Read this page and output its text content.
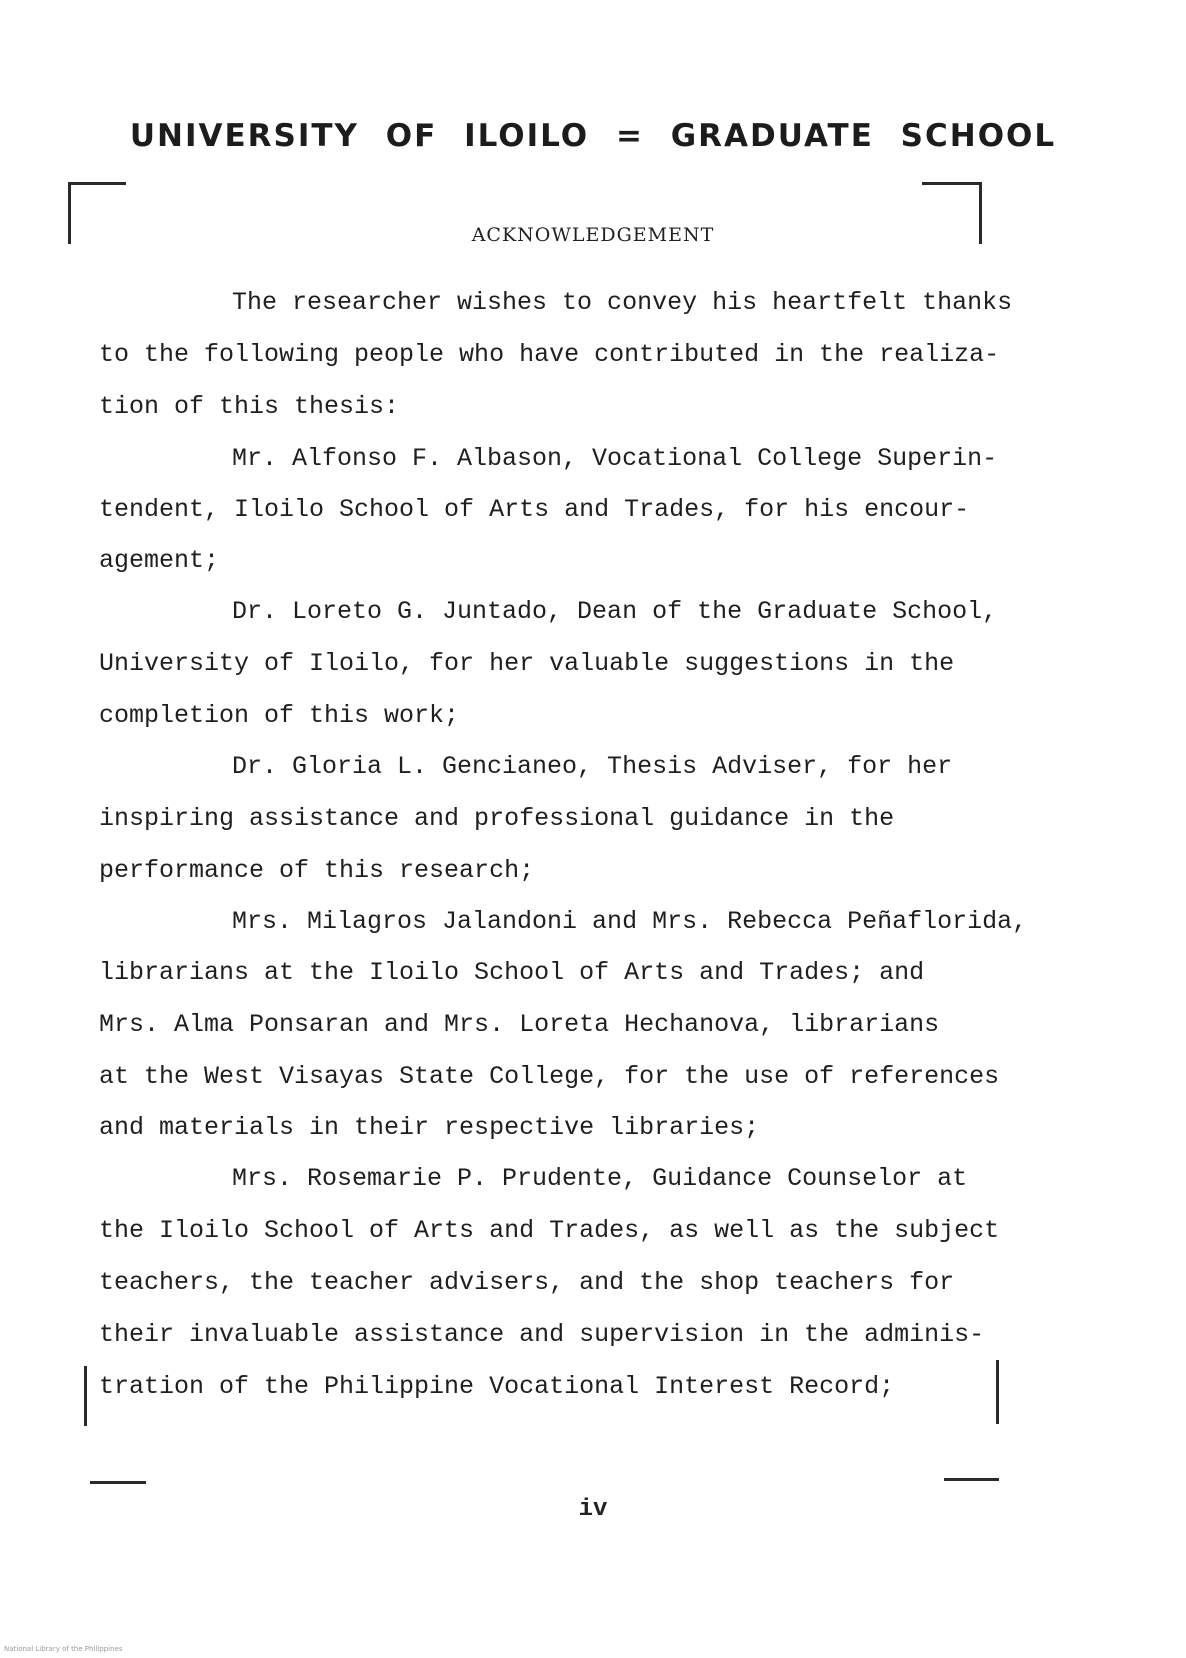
UNIVERSITY OF ILOILO = GRADUATE SCHOOL
ACKNOWLEDGEMENT
The researcher wishes to convey his heartfelt thanks
to the following people who have contributed in the realiza-
tion of this thesis:
Mr. Alfonso F. Albason, Vocational College Superin-
tendent, Iloilo School of Arts and Trades, for his encour-
agement;
Dr. Loreto G. Juntado, Dean of the Graduate School,
University of Iloilo, for her valuable suggestions in the
completion of this work;
Dr. Gloria L. Gencianeo, Thesis Adviser, for her
inspiring assistance and professional guidance in the
performance of this research;
Mrs. Milagros Jalandoni and Mrs. Rebecca Peñaflorida,
librarians at the Iloilo School of Arts and Trades; and
Mrs. Alma Ponsaran and Mrs. Loreta Hechanova, librarians
at the West Visayas State College, for the use of references
and materials in their respective libraries;
Mrs. Rosemarie P. Prudente, Guidance Counselor at
the Iloilo School of Arts and Trades, as well as the subject
teachers, the teacher advisers, and the shop teachers for
their invaluable assistance and supervision in the adminis-
tration of the Philippine Vocational Interest Record;
iv
National Library of the Philippines
